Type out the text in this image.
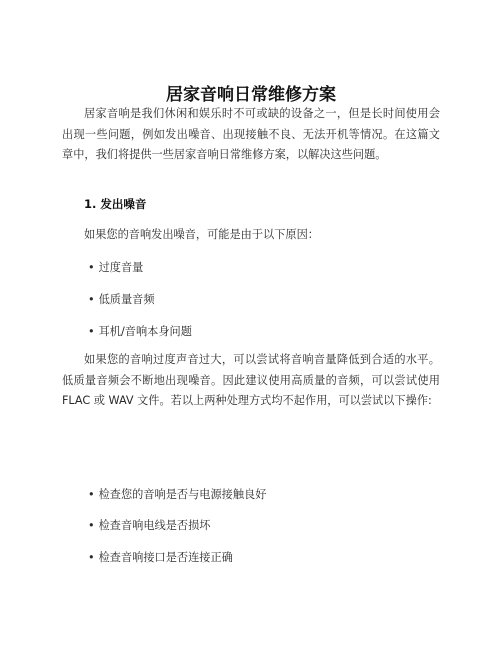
居家音响日常维修方案
居家音响是我们休闲和娱乐时不可或缺的设备之一，但是长时间使用会出现一些问题，例如发出噪音、出现接触不良、无法开机等情况。在这篇文章中，我们将提供一些居家音响日常维修方案，以解决这些问题。
1. 发出噪音
如果您的音响发出噪音，可能是由于以下原因：
• 过度音量
• 低质量音频
• 耳机/音响本身问题
如果您的音响过度声音过大，可以尝试将音响音量降低到合适的水平。低质量音频会不断地出现噪音。因此建议使用高质量的音频，可以尝试使用 FLAC 或 WAV 文件。若以上两种处理方式均不起作用，可以尝试以下操作:
• 检查您的音响是否与电源接触良好
• 检查音响电线是否损坏
• 检查音响接口是否连接正确
